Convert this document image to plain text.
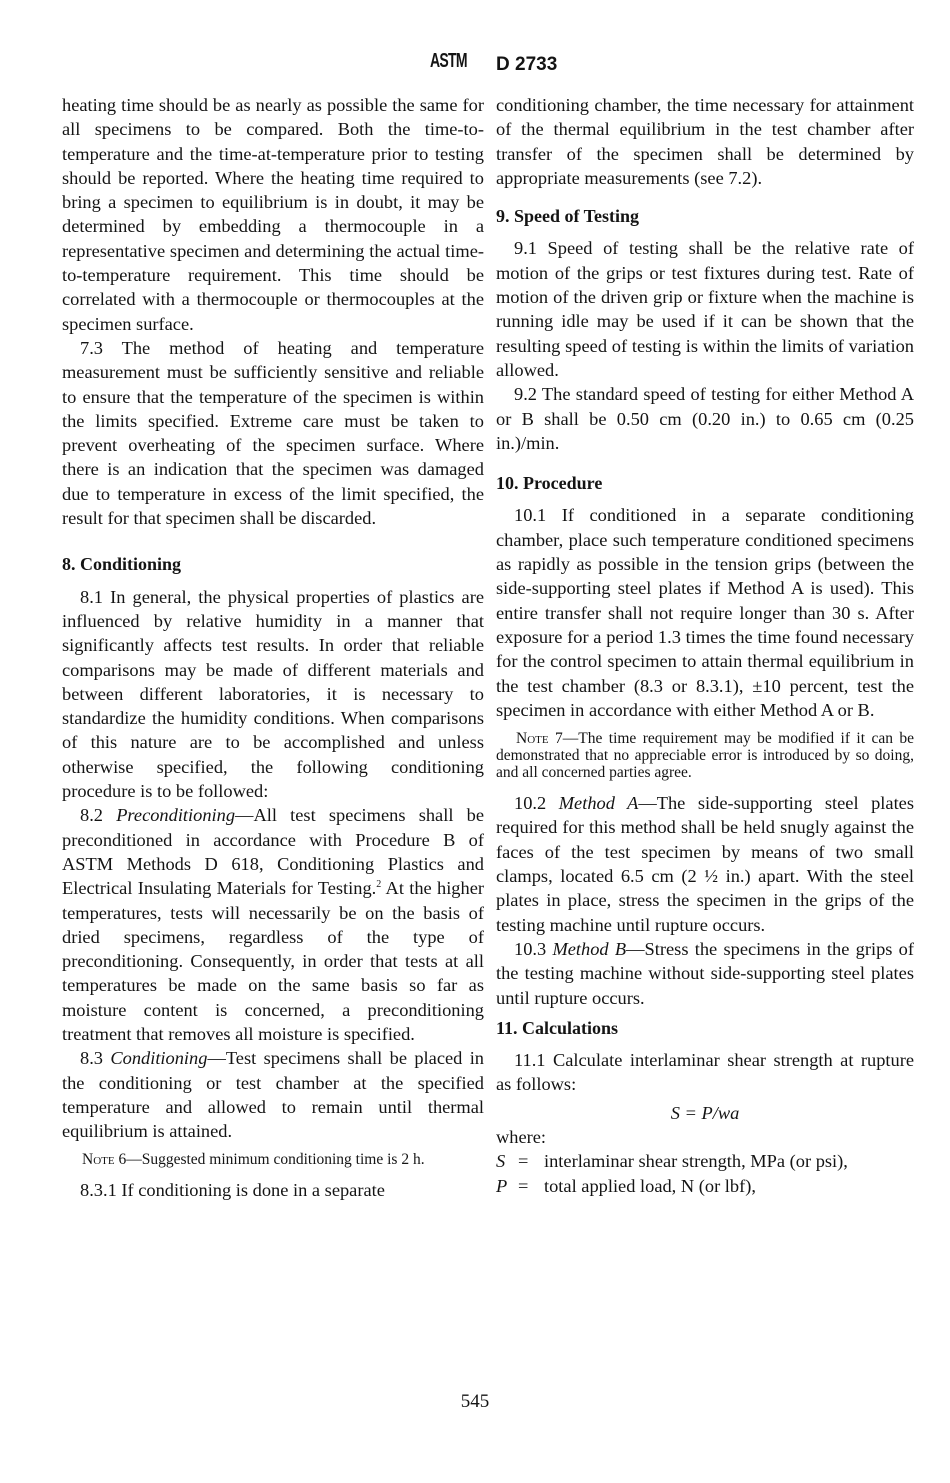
ASTM D 2733

heating time should be as nearly as possible the same for all specimens to be compared. Both the time-to-temperature and the time-at-temperature prior to testing should be reported. Where the heating time required to bring a specimen to equilibrium is in doubt, it may be determined by embedding a thermocouple in a representative specimen and determining the actual time-to-temperature requirement. This time should be correlated with a thermocouple or thermocouples at the specimen surface.

7.3 The method of heating and temperature measurement must be sufficiently sensitive and reliable to ensure that the temperature of the specimen is within the limits specified. Extreme care must be taken to prevent overheating of the specimen surface. Where there is an indication that the specimen was damaged due to temperature in excess of the limit specified, the result for that specimen shall be discarded.

8. Conditioning

8.1 In general, the physical properties of plastics are influenced by relative humidity in a manner that significantly affects test results. In order that reliable comparisons may be made of different materials and between different laboratories, it is necessary to standardize the humidity conditions. When comparisons of this nature are to be accomplished and unless otherwise specified, the following conditioning procedure is to be followed:

8.2 Preconditioning—All test specimens shall be preconditioned in accordance with Procedure B of ASTM Methods D 618, Conditioning Plastics and Electrical Insulating Materials for Testing.$^2$ At the higher temperatures, tests will necessarily be on the basis of dried specimens, regardless of the type of preconditioning. Consequently, in order that tests at all temperatures be made on the same basis so far as moisture content is concerned, a preconditioning treatment that removes all moisture is specified.

8.3 Conditioning—Test specimens shall be placed in the conditioning or test chamber at the specified temperature and allowed to remain until thermal equilibrium is attained.

Note 6—Suggested minimum conditioning time is 2 h.

8.3.1 If conditioning is done in a separate

conditioning chamber, the time necessary for attainment of the thermal equilibrium in the test chamber after transfer of the specimen shall be determined by appropriate measurements (see 7.2).

9. Speed of Testing

9.1 Speed of testing shall be the relative rate of motion of the grips or test fixtures during test. Rate of motion of the driven grip or fixture when the machine is running idle may be used if it can be shown that the resulting speed of testing is within the limits of variation allowed.

9.2 The standard speed of testing for either Method A or B shall be 0.50 cm (0.20 in.) to 0.65 cm (0.25 in.)/min.

10. Procedure

10.1 If conditioned in a separate conditioning chamber, place such temperature conditioned specimens as rapidly as possible in the tension grips (between the side-supporting steel plates if Method A is used). This entire transfer shall not require longer than 30 s. After exposure for a period 1.3 times the time found necessary for the control specimen to attain thermal equilibrium in the test chamber (8.3 or 8.3.1), ±10 percent, test the specimen in accordance with either Method A or B.

Note 7—The time requirement may be modified if it can be demonstrated that no appreciable error is introduced by so doing, and all concerned parties agree.

10.2 Method A—The side-supporting steel plates required for this method shall be held snugly against the faces of the test specimen by means of two small clamps, located 6.5 cm (2 ½ in.) apart. With the steel plates in place, stress the specimen in the grips of the testing machine until rupture occurs.

10.3 Method B—Stress the specimens in the grips of the testing machine without side-supporting steel plates until rupture occurs.

11. Calculations

11.1 Calculate interlaminar shear strength at rupture as follows:

S = P/wa

where:

S = interlaminar shear strength, MPa (or psi),
P = total applied load, N (or lbf),
545
